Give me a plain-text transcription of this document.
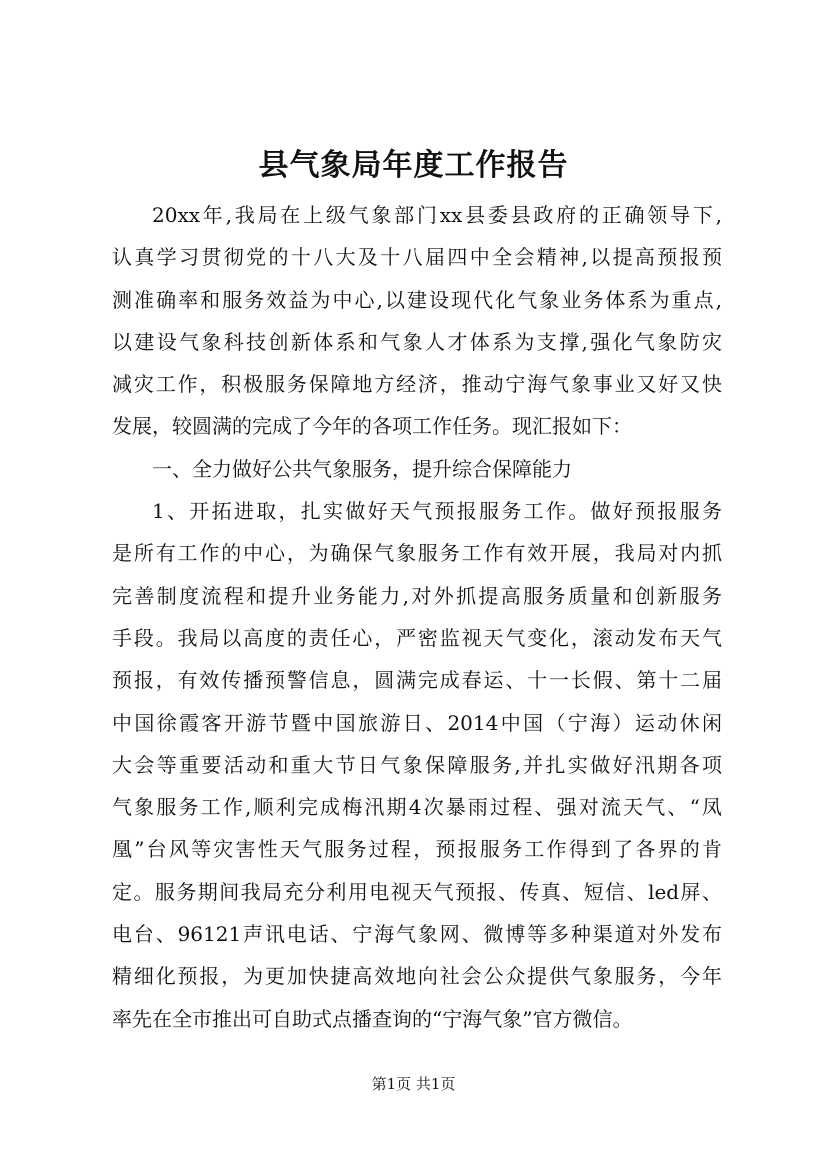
县气象局年度工作报告
20xx年,我局在上级气象部门xx县委县政府的正确领导下,
认真学习贯彻党的十八大及十八届四中全会精神,以提高预报预
测准确率和服务效益为中心,以建设现代化气象业务体系为重点,
以建设气象科技创新体系和气象人才体系为支撑,强化气象防灾
减灾工作，积极服务保障地方经济，推动宁海气象事业又好又快
发展，较圆满的完成了今年的各项工作任务。现汇报如下：
一、全力做好公共气象服务，提升综合保障能力
1、开拓进取，扎实做好天气预报服务工作。做好预报服务
是所有工作的中心，为确保气象服务工作有效开展，我局对内抓
完善制度流程和提升业务能力,对外抓提高服务质量和创新服务
手段。我局以高度的责任心，严密监视天气变化，滚动发布天气
预报，有效传播预警信息，圆满完成春运、十一长假、第十二届
中国徐霞客开游节暨中国旅游日、2014中国（宁海）运动休闲
大会等重要活动和重大节日气象保障服务,并扎实做好汛期各项
气象服务工作,顺利完成梅汛期4次暴雨过程、强对流天气、“凤
凰”台风等灾害性天气服务过程，预报服务工作得到了各界的肯
定。服务期间我局充分利用电视天气预报、传真、短信、led屏、
电台、96121声讯电话、宁海气象网、微博等多种渠道对外发布
精细化预报，为更加快捷高效地向社会公众提供气象服务，今年
率先在全市推出可自助式点播查询的“宁海气象”官方微信。
第1页 共1页
